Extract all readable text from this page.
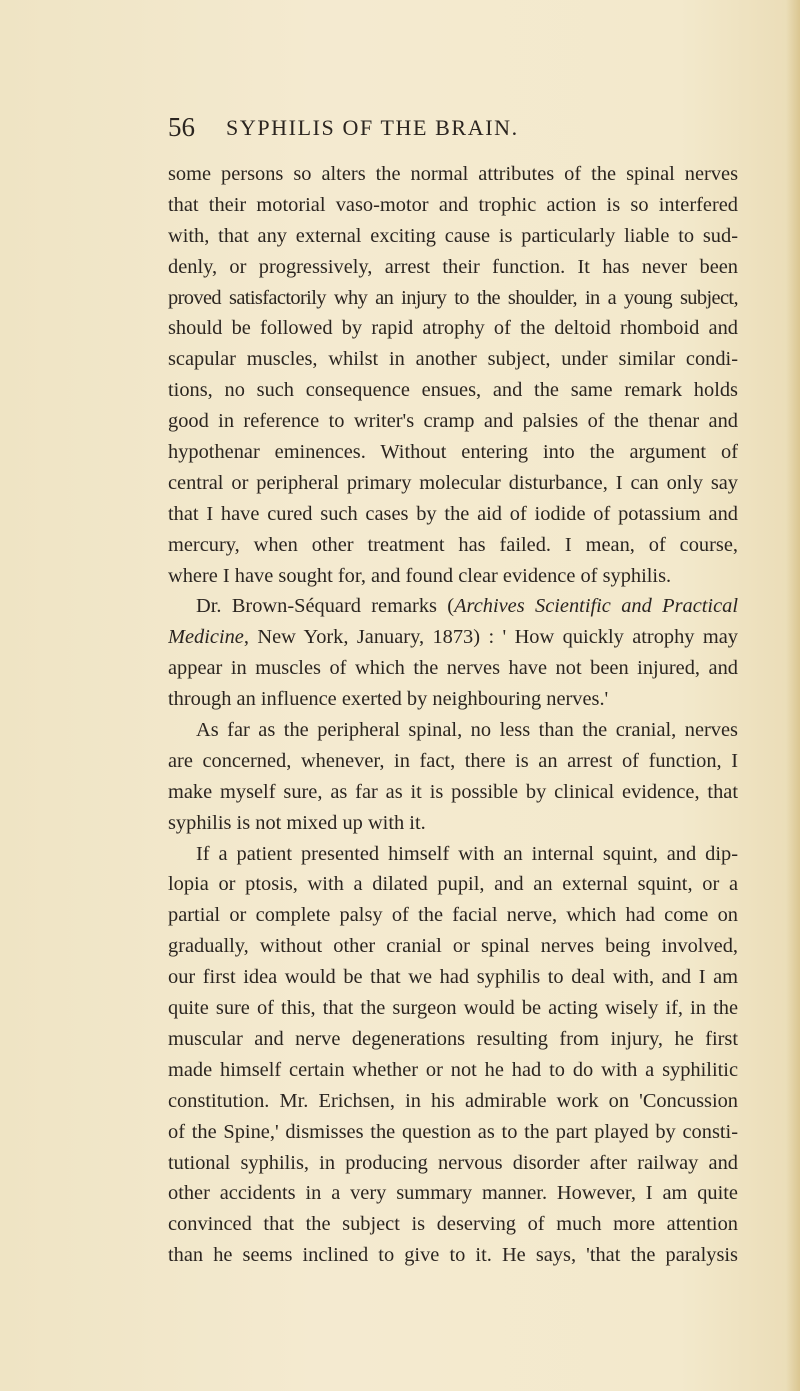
56 SYPHILIS OF THE BRAIN.
some persons so alters the normal attributes of the spinal nerves
that their motorial vaso-motor and trophic action is so interfered
with, that any external exciting cause is particularly liable to sud-
denly, or progressively, arrest their function. It has never been
proved satisfactorily why an injury to the shoulder, in a young subject,
should be followed by rapid atrophy of the deltoid rhomboid and
scapular muscles, whilst in another subject, under similar condi-
tions, no such consequence ensues, and the same remark holds
good in reference to writer's cramp and palsies of the thenar and
hypothenar eminences. Without entering into the argument of
central or peripheral primary molecular disturbance, I can only say
that I have cured such cases by the aid of iodide of potassium and
mercury, when other treatment has failed. I mean, of course,
where I have sought for, and found clear evidence of syphilis.
Dr. Brown-Séquard remarks (Archives Scientific and Practical
Medicine, New York, January, 1873) : ' How quickly atrophy may
appear in muscles of which the nerves have not been injured, and
through an influence exerted by neighbouring nerves.'
As far as the peripheral spinal, no less than the cranial, nerves
are concerned, whenever, in fact, there is an arrest of function, I
make myself sure, as far as it is possible by clinical evidence, that
syphilis is not mixed up with it.
If a patient presented himself with an internal squint, and dip-
lopia or ptosis, with a dilated pupil, and an external squint, or a
partial or complete palsy of the facial nerve, which had come on
gradually, without other cranial or spinal nerves being involved,
our first idea would be that we had syphilis to deal with, and I am
quite sure of this, that the surgeon would be acting wisely if, in the
muscular and nerve degenerations resulting from injury, he first
made himself certain whether or not he had to do with a syphilitic
constitution. Mr. Erichsen, in his admirable work on 'Concussion
of the Spine,' dismisses the question as to the part played by consti-
tutional syphilis, in producing nervous disorder after railway and
other accidents in a very summary manner. However, I am quite
convinced that the subject is deserving of much more attention
than he seems inclined to give to it. He says, 'that the paralysis
